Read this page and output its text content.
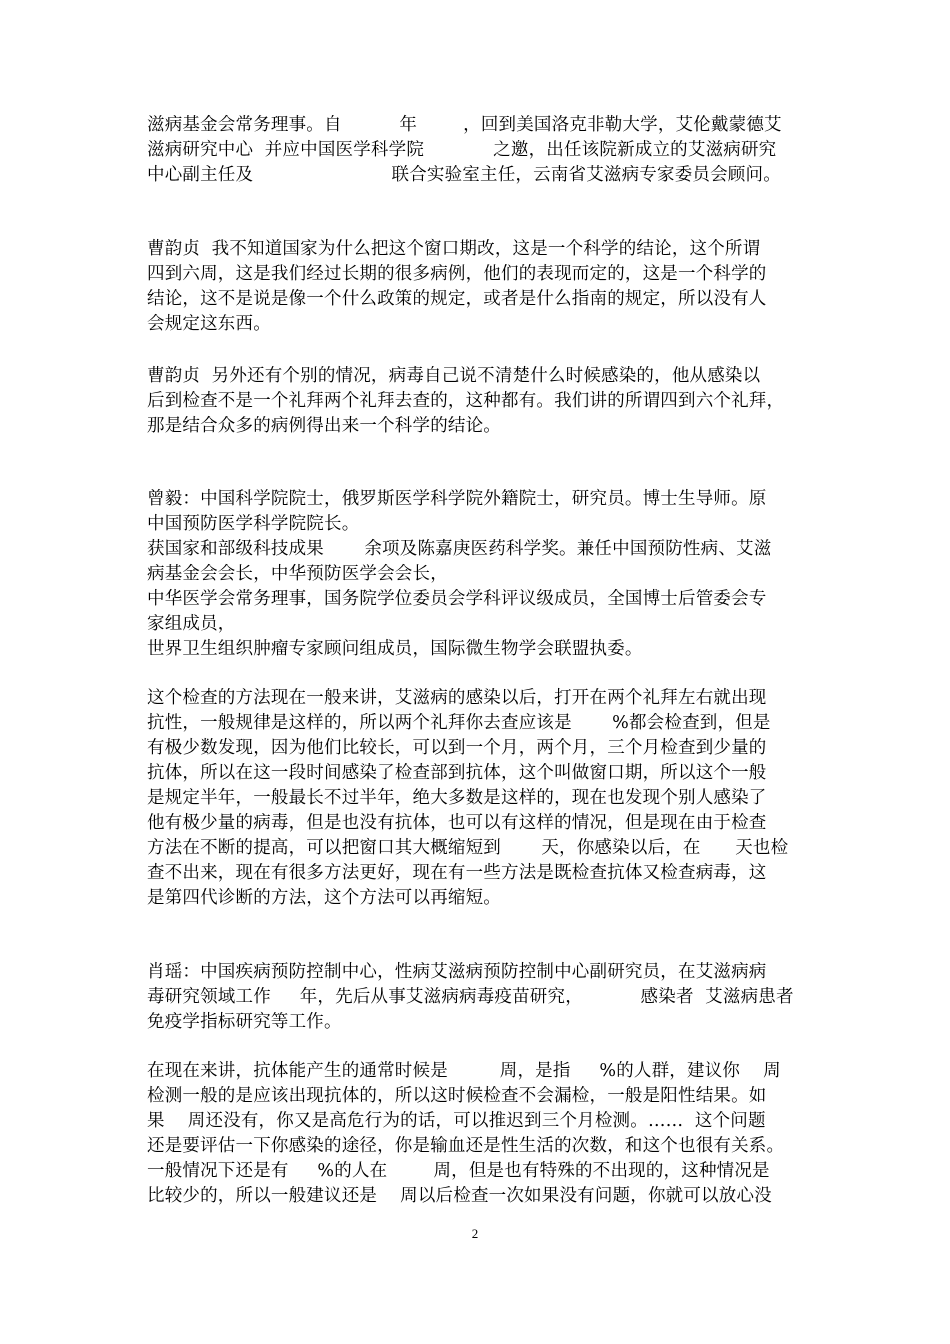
滋病基金会常务理事。自          年        ，回到美国洛克非勒大学，艾伦戴蒙德艾
滋病研究中心  并应中国医学科学院            之邀，出任该院新成立的艾滋病研究
中心副主任及                        联合实验室主任，云南省艾滋病专家委员会顾问。
曹韵贞  我不知道国家为什么把这个窗口期改，这是一个科学的结论，这个所谓
四到六周，这是我们经过长期的很多病例，他们的表现而定的，这是一个科学的
结论，这不是说是像一个什么政策的规定，或者是什么指南的规定，所以没有人
会规定这东西。
曹韵贞  另外还有个别的情况，病毒自己说不清楚什么时候感染的，他从感染以
后到检查不是一个礼拜两个礼拜去查的，这种都有。我们讲的所谓四到六个礼拜，
那是结合众多的病例得出来一个科学的结论。
曾毅：中国科学院院士，俄罗斯医学科学院外籍院士，研究员。博士生导师。原
中国预防医学科学院院长。
获国家和部级科技成果       余项及陈嘉庚医药科学奖。兼任中国预防性病、艾滋
病基金会会长，中华预防医学会会长，
中华医学会常务理事，国务院学位委员会学科评议级成员，全国博士后管委会专
家组成员，
世界卫生组织肿瘤专家顾问组成员，国际微生物学会联盟执委。
这个检查的方法现在一般来讲，艾滋病的感染以后，打开在两个礼拜左右就出现
抗性，一般规律是这样的，所以两个礼拜你去查应该是       %都会检查到，但是
有极少数发现，因为他们比较长，可以到一个月，两个月，三个月检查到少量的
抗体，所以在这一段时间感染了检查部到抗体，这个叫做窗口期，所以这个一般
是规定半年，一般最长不过半年，绝大多数是这样的，现在也发现个别人感染了
他有极少量的病毒，但是也没有抗体，也可以有这样的情况，但是现在由于检查
方法在不断的提高，可以把窗口其大概缩短到       天，你感染以后，在      天也检
查不出来，现在有很多方法更好，现在有一些方法是既检查抗体又检查病毒，这
是第四代诊断的方法，这个方法可以再缩短。
肖瑶：中国疾病预防控制中心，性病艾滋病预防控制中心副研究员，在艾滋病病
毒研究领域工作     年，先后从事艾滋病病毒疫苗研究，          感染者  艾滋病患者
免疫学指标研究等工作。
在现在来讲，抗体能产生的通常时候是         周，是指     %的人群，建议你    周
检测一般的是应该出现抗体的，所以这时候检查不会漏检，一般是阳性结果。如
果    周还没有，你又是高危行为的话，可以推迟到三个月检测。……  这个问题
还是要评估一下你感染的途径，你是输血还是性生活的次数，和这个也很有关系。
一般情况下还是有     %的人在        周，但是也有特殊的不出现的，这种情况是
比较少的，所以一般建议还是    周以后检查一次如果没有问题，你就可以放心没
2
